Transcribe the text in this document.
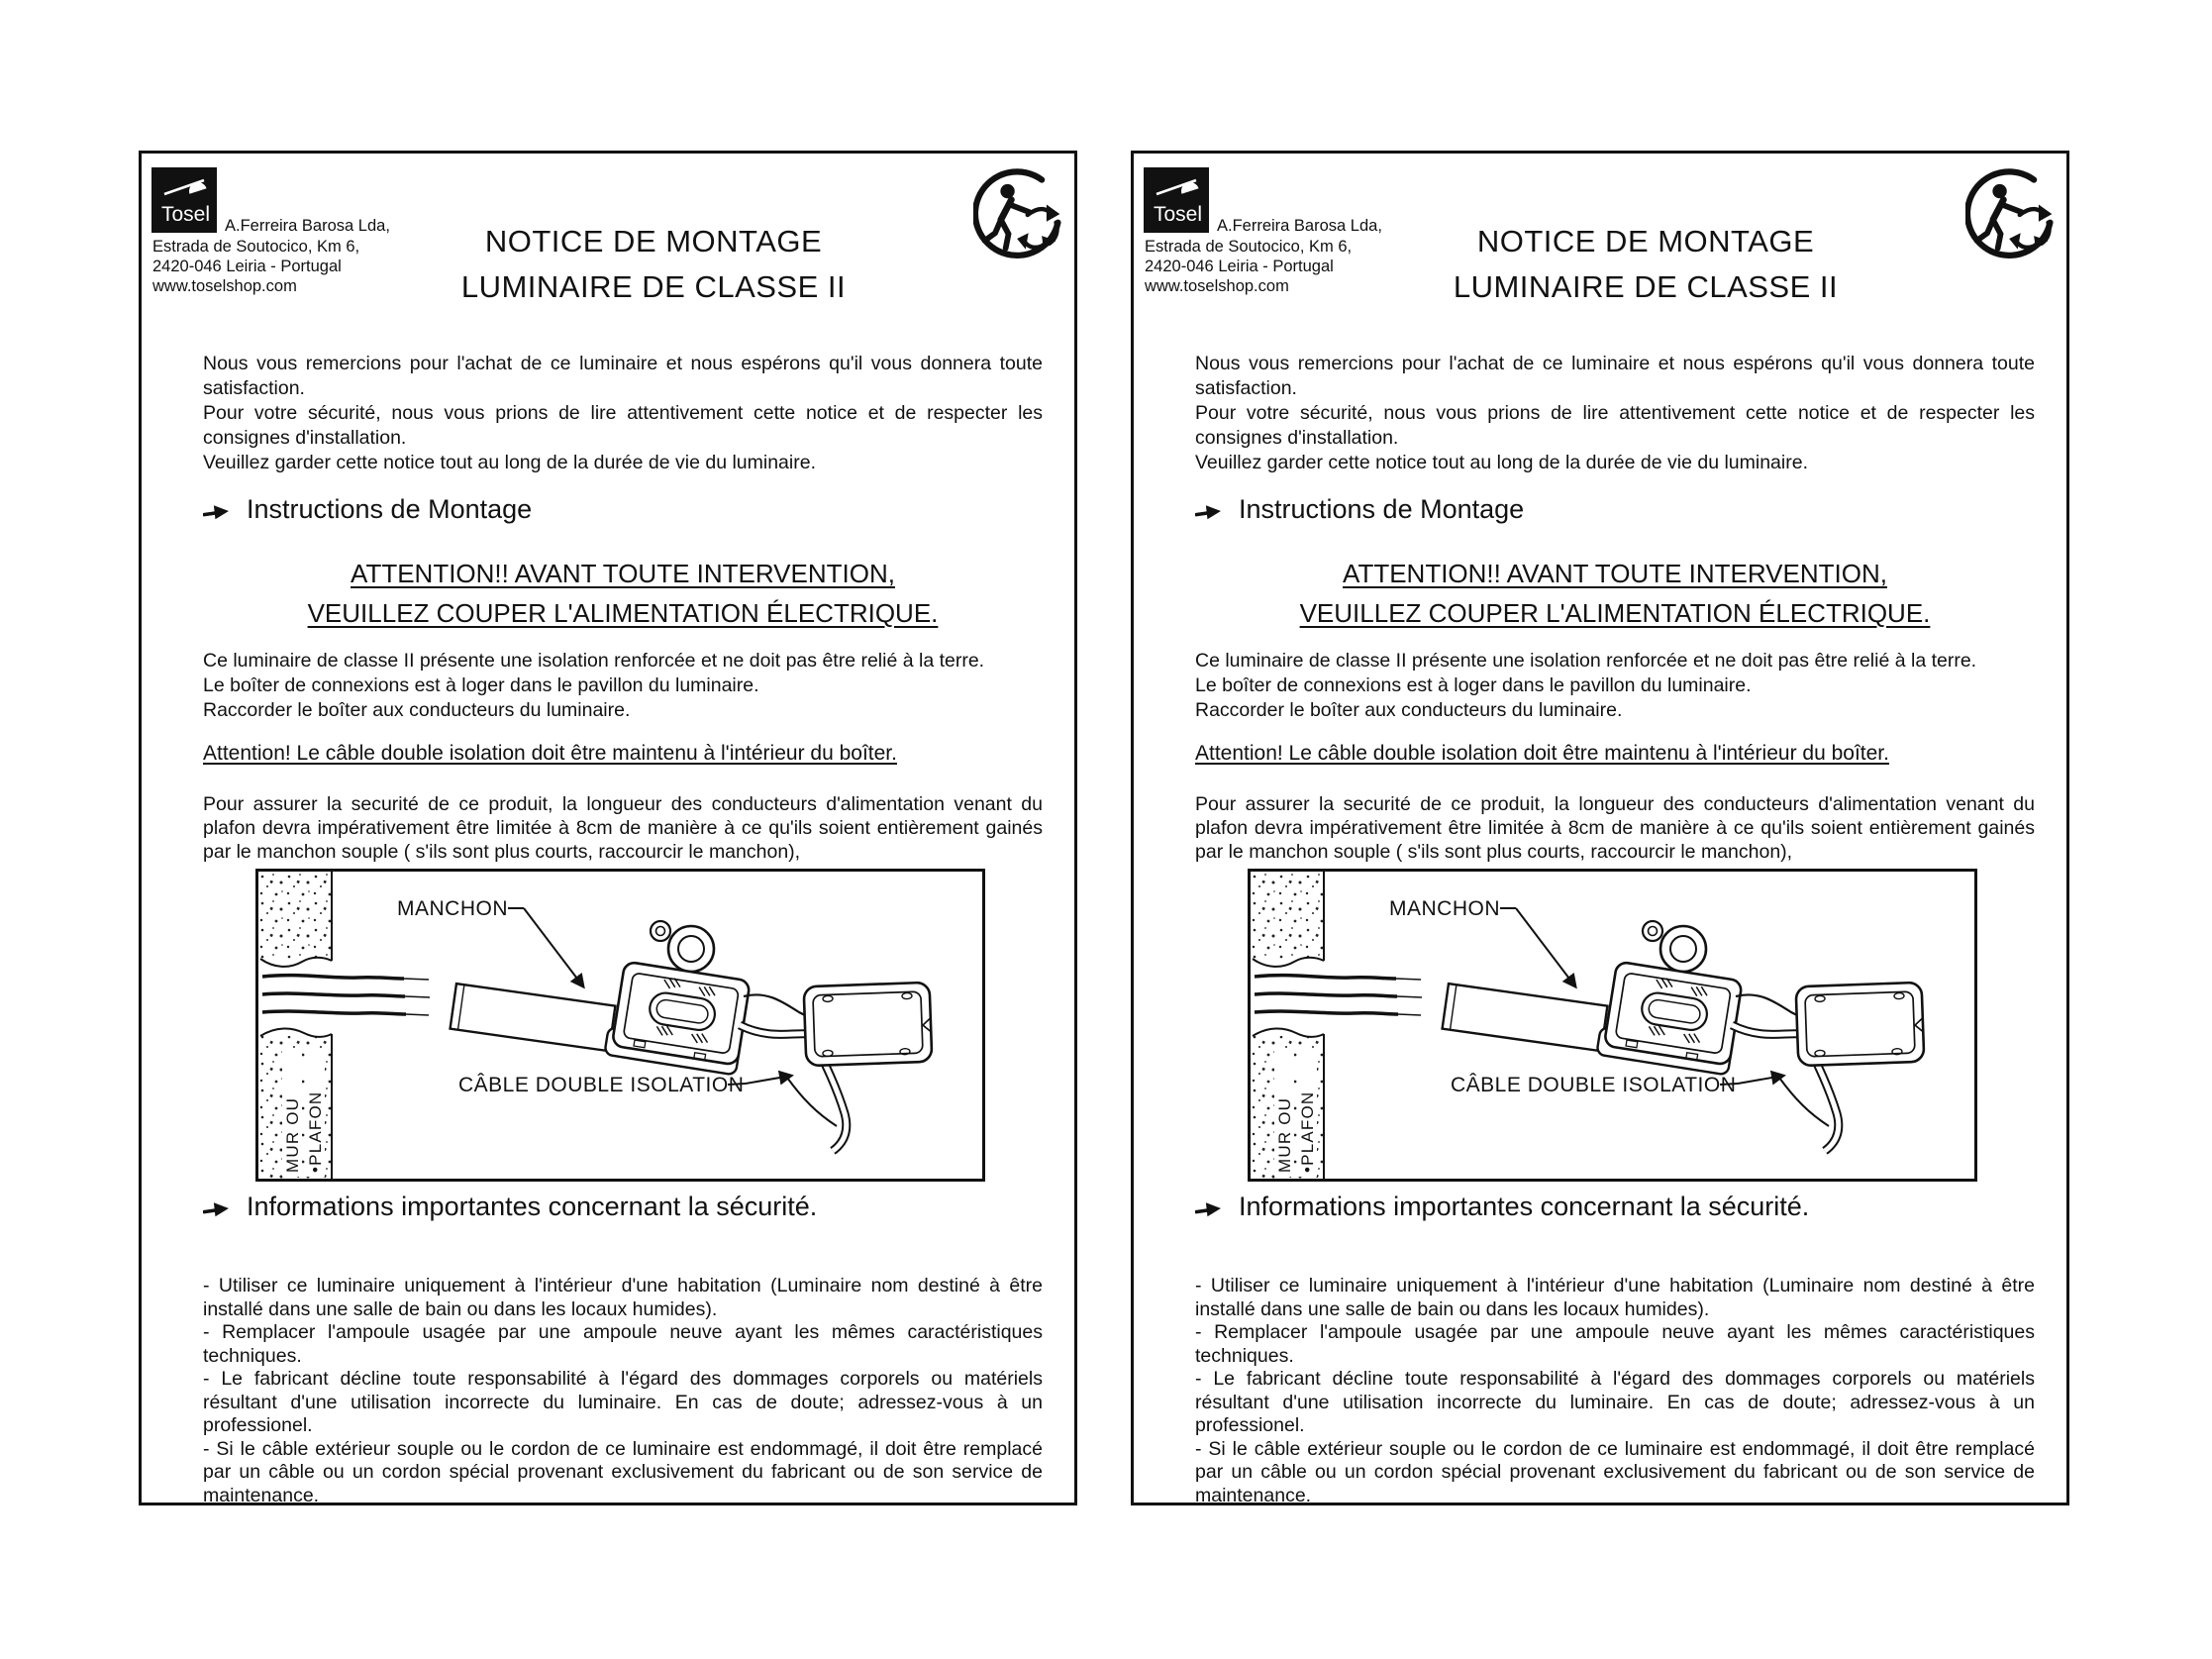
Tosel A.Ferreira Barosa Lda,
Estrada de Soutocico, Km 6,
2420-046 Leiria - Portugal
www.toselshop.com
NOTICE DE MONTAGE
LUMINAIRE DE CLASSE II

Nous vous remercions pour l'achat de ce luminaire et nous espérons qu'il vous donnera toute satisfaction.

Pour votre sécurité, nous vous prions de lire attentivement cette notice et de respecter les consignes d'installation.

Veuillez garder cette notice tout au long de la durée de vie du luminaire.

Instructions de Montage
ATTENTION!! AVANT TOUTE INTERVENTION,
VEUILLEZ COUPER L'ALIMENTATION ÉLECTRIQUE.

Ce luminaire de classe II présente une isolation renforcée et ne doit pas être relié à la terre.

Le boîter de connexions est à loger dans le pavillon du luminaire.

Raccorder le boîter aux conducteurs du luminaire.

Attention! Le câble double isolation doit être maintenu à l'intérieur du boîter.

Pour assurer la securité de ce produit, la longueur des conducteurs d'alimentation venant du plafon devra impérativement être limitée à 8cm de manière à ce qu'ils soient entièrement gainés par le manchon souple ( s'ils sont plus courts, raccourcir le manchon),

MANCHON
CÂBLE DOUBLE ISOLATION
MUR OU •PLAFON
Informations importantes concernant la sécurité.

- Utiliser ce luminaire uniquement à l'intérieur d'une habitation (Luminaire nom destiné à être installé dans une salle de bain ou dans les locaux humides).

- Remplacer l'ampoule usagée par une ampoule neuve ayant les mêmes caractéristiques techniques.

- Le fabricant décline toute responsabilité à l'égard des dommages corporels ou matériels résultant d'une utilisation incorrecte du luminaire. En cas de doute; adressez-vous à un professionel.

- Si le câble extérieur souple ou le cordon de ce luminaire est endommagé, il doit être remplacé par un câble ou un cordon spécial provenant exclusivement du fabricant ou de son service de maintenance.

Tosel A.Ferreira Barosa Lda,
Estrada de Soutocico, Km 6,
2420-046 Leiria - Portugal
www.toselshop.com
NOTICE DE MONTAGE
LUMINAIRE DE CLASSE II

Nous vous remercions pour l'achat de ce luminaire et nous espérons qu'il vous donnera toute satisfaction.

Pour votre sécurité, nous vous prions de lire attentivement cette notice et de respecter les consignes d'installation.

Veuillez garder cette notice tout au long de la durée de vie du luminaire.

Instructions de Montage
ATTENTION!! AVANT TOUTE INTERVENTION,
VEUILLEZ COUPER L'ALIMENTATION ÉLECTRIQUE.

Ce luminaire de classe II présente une isolation renforcée et ne doit pas être relié à la terre.

Le boîter de connexions est à loger dans le pavillon du luminaire.

Raccorder le boîter aux conducteurs du luminaire.

Attention! Le câble double isolation doit être maintenu à l'intérieur du boîter.

Pour assurer la securité de ce produit, la longueur des conducteurs d'alimentation venant du plafon devra impérativement être limitée à 8cm de manière à ce qu'ils soient entièrement gainés par le manchon souple ( s'ils sont plus courts, raccourcir le manchon),

MANCHON
CÂBLE DOUBLE ISOLATION
MUR OU •PLAFON
Informations importantes concernant la sécurité.

- Utiliser ce luminaire uniquement à l'intérieur d'une habitation (Luminaire nom destiné à être installé dans une salle de bain ou dans les locaux humides).

- Remplacer l'ampoule usagée par une ampoule neuve ayant les mêmes caractéristiques techniques.

- Le fabricant décline toute responsabilité à l'égard des dommages corporels ou matériels résultant d'une utilisation incorrecte du luminaire. En cas de doute; adressez-vous à un professionel.

- Si le câble extérieur souple ou le cordon de ce luminaire est endommagé, il doit être remplacé par un câble ou un cordon spécial provenant exclusivement du fabricant ou de son service de maintenance.
